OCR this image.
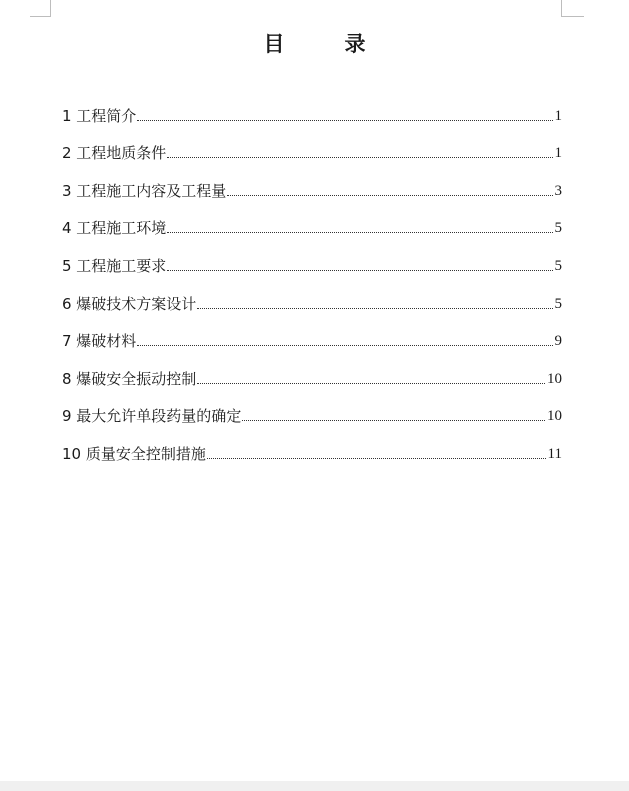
目录
1 工程简介	1
2 工程地质条件	1
3 工程施工内容及工程量	3
4 工程施工环境	5
5 工程施工要求	5
6 爆破技术方案设计	5
7 爆破材料	9
8 爆破安全振动控制	10
9 最大允许单段药量的确定	10
10 质量安全控制措施	11
